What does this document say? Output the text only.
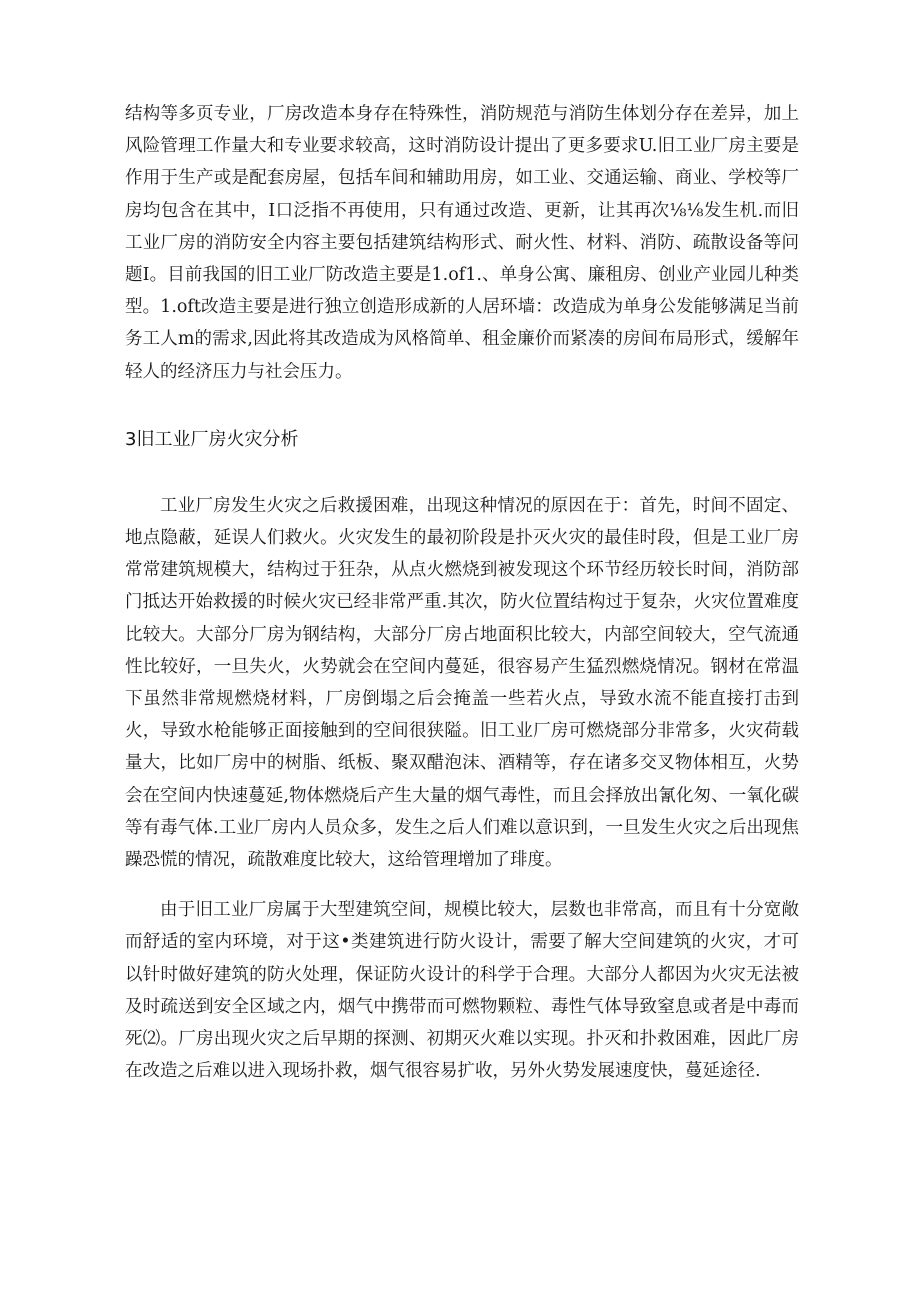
结构等多页专业，厂房改造本身存在特殊性，消防规范与消防生体划分存在差异，加上风险管理工作量大和专业要求较高，这时消防设计提出了更多要求U.旧工业厂房主要是作用于生产或是配套房屋，包括车间和辅助用房，如工业、交通运输、商业、学校等厂房均包含在其中，I口泛指不再使用，只有通过改造、更新，让其再次⅛⅛发生机.而旧工业厂房的消防安全内容主要包括建筑结构形式、耐火性、材料、消防、疏散设备等问题I。目前我国的旧工业厂防改造主要是1.of1.、单身公寓、廉租房、创业产业园儿种类型。1.oft改造主要是进行独立创造形成新的人居环墙：改造成为单身公发能够满足当前务工人m的需求,因此将其改造成为风格简单、租金廉价而紧凑的房间布局形式，缓解年轻人的经济压力与社会压力。

3旧工业厂房火灾分析

工业厂房发生火灾之后救援困难，出现这种情况的原因在于：首先，时间不固定、地点隐蔽，延误人们救火。火灾发生的最初阶段是扑灭火灾的最佳时段，但是工业厂房常常建筑规模大，结构过于狂杂，从点火燃烧到被发现这个环节经历较长时间，消防部门抵达开始救援的时候火灾已经非常严重.其次，防火位置结构过于复杂，火灾位置难度比较大。大部分厂房为钢结构，大部分厂房占地面积比较大，内部空间较大，空气流通性比较好，一旦失火，火势就会在空间内蔓延，很容易产生猛烈燃烧情况。钢材在常温下虽然非常规燃烧材料，厂房倒塌之后会掩盖一些若火点，导致水流不能直接打击到火，导致水枪能够正面接触到的空间很狭隘。旧工业厂房可燃烧部分非常多，火灾荷载量大，比如厂房中的树脂、纸板、聚双醋泡沫、酒精等，存在诸多交叉物体相互，火势会在空间内快速蔓延,物体燃烧后产生大量的烟气毒性，而且会择放出氰化匆、一氧化碳等有毒气体.工业厂房内人员众多，发生之后人们难以意识到，一旦发生火灾之后出现焦躁恐慌的情况，疏散难度比较大，这给管理增加了琲度。

由于旧工业厂房属于大型建筑空间，规模比较大，层数也非常高，而且有十分宽敞而舒适的室内环境，对于这•类建筑进行防火设计，需要了解大空间建筑的火灾，才可以针时做好建筑的防火处理，保证防火设计的科学于合理。大部分人都因为火灾无法被及时疏送到安全区域之内，烟气中携带而可燃物颗粒、毒性气体导致窒息或者是中毒而死⑵。厂房出现火灾之后早期的探测、初期灭火难以实现。扑灭和扑救困难，因此厂房在改造之后难以进入现场扑救，烟气很容易扩收，另外火势发展速度快，蔓延途径.
